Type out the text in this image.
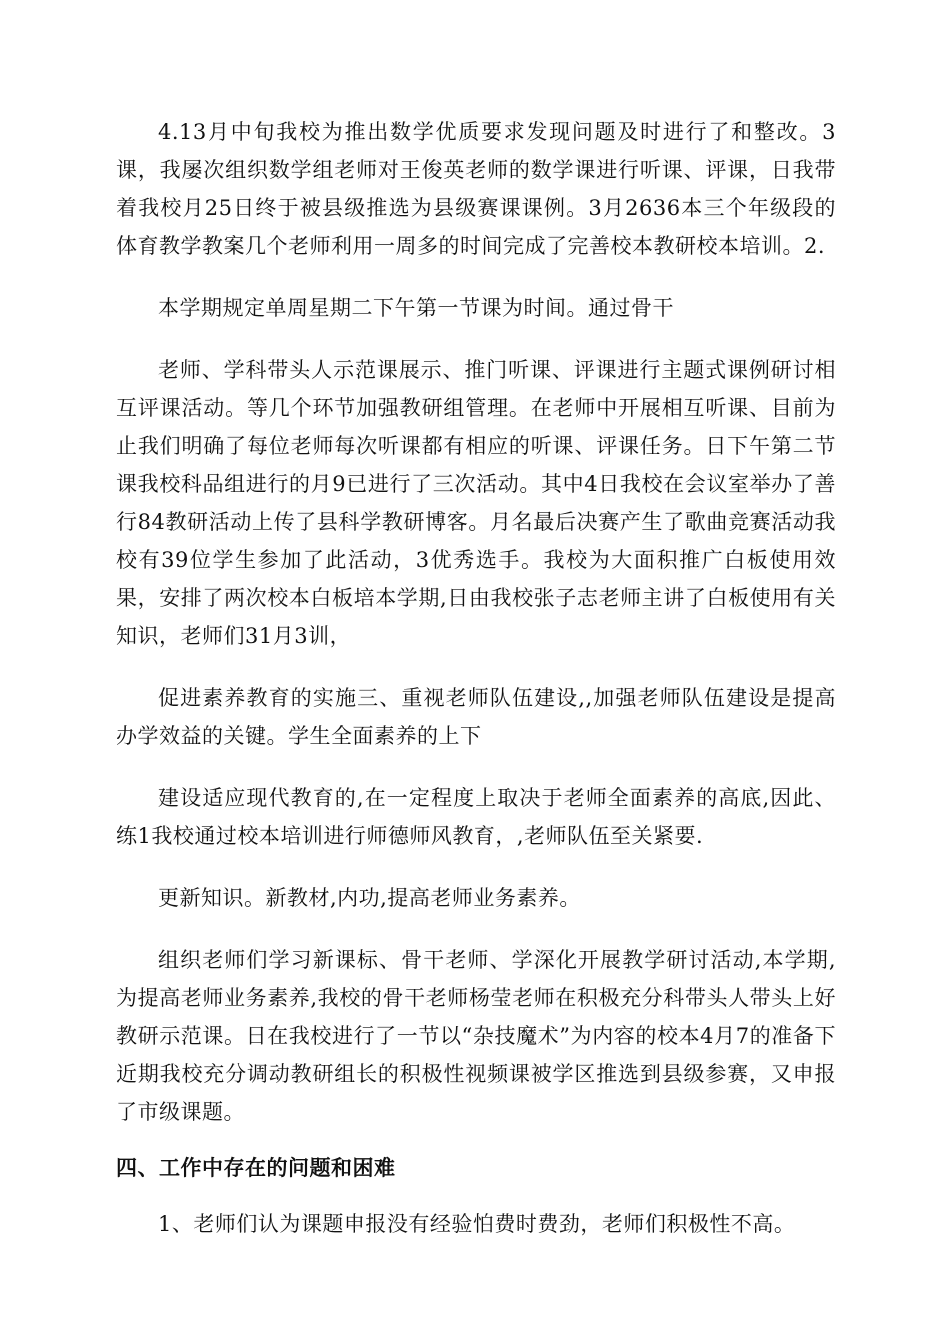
4.13月中旬我校为推出数学优质要求发现问题及时进行了和整改。3课，我屡次组织数学组老师对王俊英老师的数学课进行听课、评课，日我带着我校月25日终于被县级推选为县级赛课课例。3月2636本三个年级段的体育教学教案几个老师利用一周多的时间完成了完善校本教研校本培训。2.

本学期规定单周星期二下午第一节课为时间。通过骨干

老师、学科带头人示范课展示、推门听课、评课进行主题式课例研讨相互评课活动。等几个环节加强教研组管理。在老师中开展相互听课、目前为止我们明确了每位老师每次听课都有相应的听课、评课任务。日下午第二节课我校科品组进行的月9已进行了三次活动。其中4日我校在会议室举办了善行84教研活动上传了县科学教研博客。月名最后决赛产生了歌曲竞赛活动我校有39位学生参加了此活动，3优秀选手。我校为大面积推广白板使用效果，安排了两次校本白板培本学期,日由我校张子志老师主讲了白板使用有关知识，老师们31月3训，

促进素养教育的实施三、重视老师队伍建设,,加强老师队伍建设是提高办学效益的关键。学生全面素养的上下

建设适应现代教育的,在一定程度上取决于老师全面素养的高底,因此、练1我校通过校本培训进行师德师风教育，,老师队伍至关紧要.

更新知识。新教材,内功,提高老师业务素养。

组织老师们学习新课标、骨干老师、学深化开展教学研讨活动,本学期,为提高老师业务素养,我校的骨干老师杨莹老师在积极充分科带头人带头上好教研示范课。日在我校进行了一节以“杂技魔术”为内容的校本4月7的准备下近期我校充分调动教研组长的积极性视频课被学区推选到县级参赛，又申报了市级课题。

四、工作中存在的问题和困难

1、老师们认为课题申报没有经验怕费时费劲，老师们积极性不高。
